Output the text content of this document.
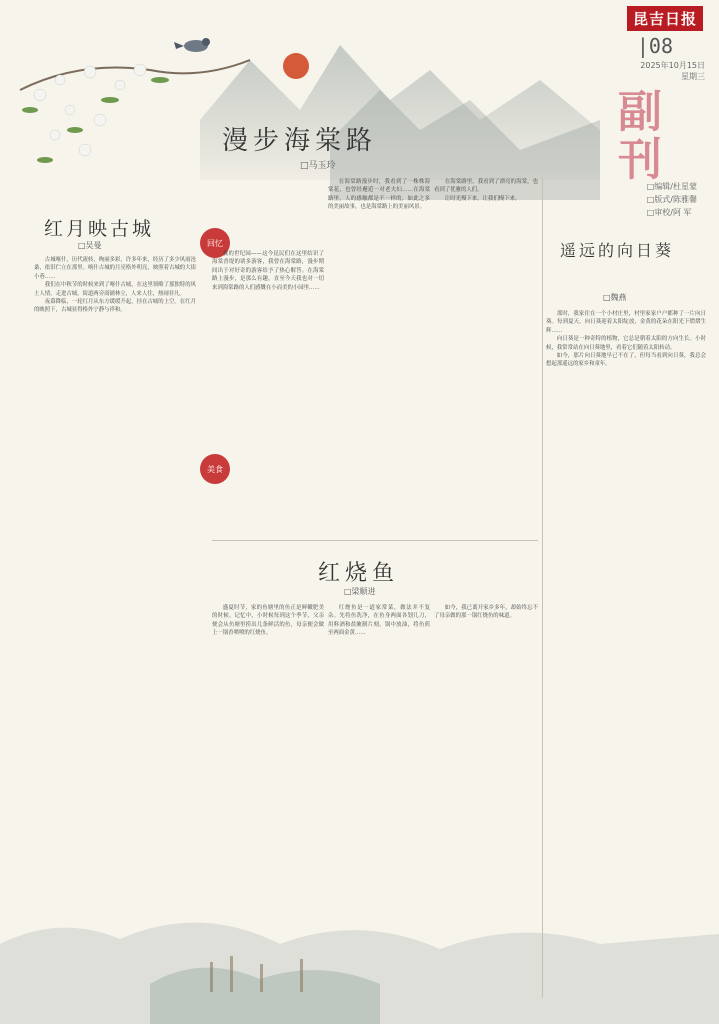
昆吉日报
|08
2025年10月15日
星期三
副刊
□编辑/杜星蒙
□版式/陈雅馨
□审校/阿 军
漫步海棠路
□马玉玲
红月映古城
□吴曼	回忆

古城喀什，历代流转，绚丽多彩，许多年来，经历了多少风雨沧桑，依旧伫立在那里。喀什古城的月亮格外明亮，映照着古城的大街小巷……

我们在中秋节的时候来到了喀什古城，在这里领略了那独特的风土人情。走进古城，街道两旁商铺林立，人来人往，热闹非凡。

夜幕降临，一轮红月从东方缓缓升起，挂在古城的上空。在红月的映照下，古城显得格外宁静与祥和。

美食

我的世纪园——这今昆民们在这里结识了海棠香堤的诸多游客，我曾在海棠路，漫步期间出于对好奇的游客给予了热心解答。在海棠路上漫步，是那么有趣，直至今天我也对一切来到海棠路的人们感慨在小而美的小园里……

在海棠路漫步时，我看到了一株株海棠花，也曾经邂逅一对老夫妇……在海棠路里，人的感触都是不一样的，如此之多的美丽故事，也是海棠路上的美丽风景。

在海棠路里，我看到了漂亮的海棠，也看到了优雅的人们。

让时光慢下来，让我们慢下来。

红烧鱼
□梁顺进

盛夏时节，家的鱼塘里的鱼正是鲜嫩肥美的时候。记忆中，小时候每到这个季节，父亲便会从鱼塘里捞出几条鲜活的鱼，母亲便会做上一锅香喷喷的红烧鱼。

红烧鱼是一道家常菜，做法并不复杂。先将鱼洗净，在鱼身两面各划几刀，用料酒和盐腌制片刻。锅中放油，将鱼煎至两面金黄……

如今，我已离开家乡多年，却始终忘不了母亲做的那一锅红烧鱼的味道。

遥远的向日葵
□魏燕

那时，我家住在一个小村庄里，村里家家户户都种了一片向日葵。每到夏天，向日葵迎着太阳绽放，金黄的花朵在阳光下熠熠生辉……

向日葵是一种奇特的植物，它总是朝着太阳的方向生长。小时候，我常常站在向日葵地里，看着它们随着太阳转动。

如今，那片向日葵地早已不在了，但每当看到向日葵，我总会想起那遥远的家乡和童年。
